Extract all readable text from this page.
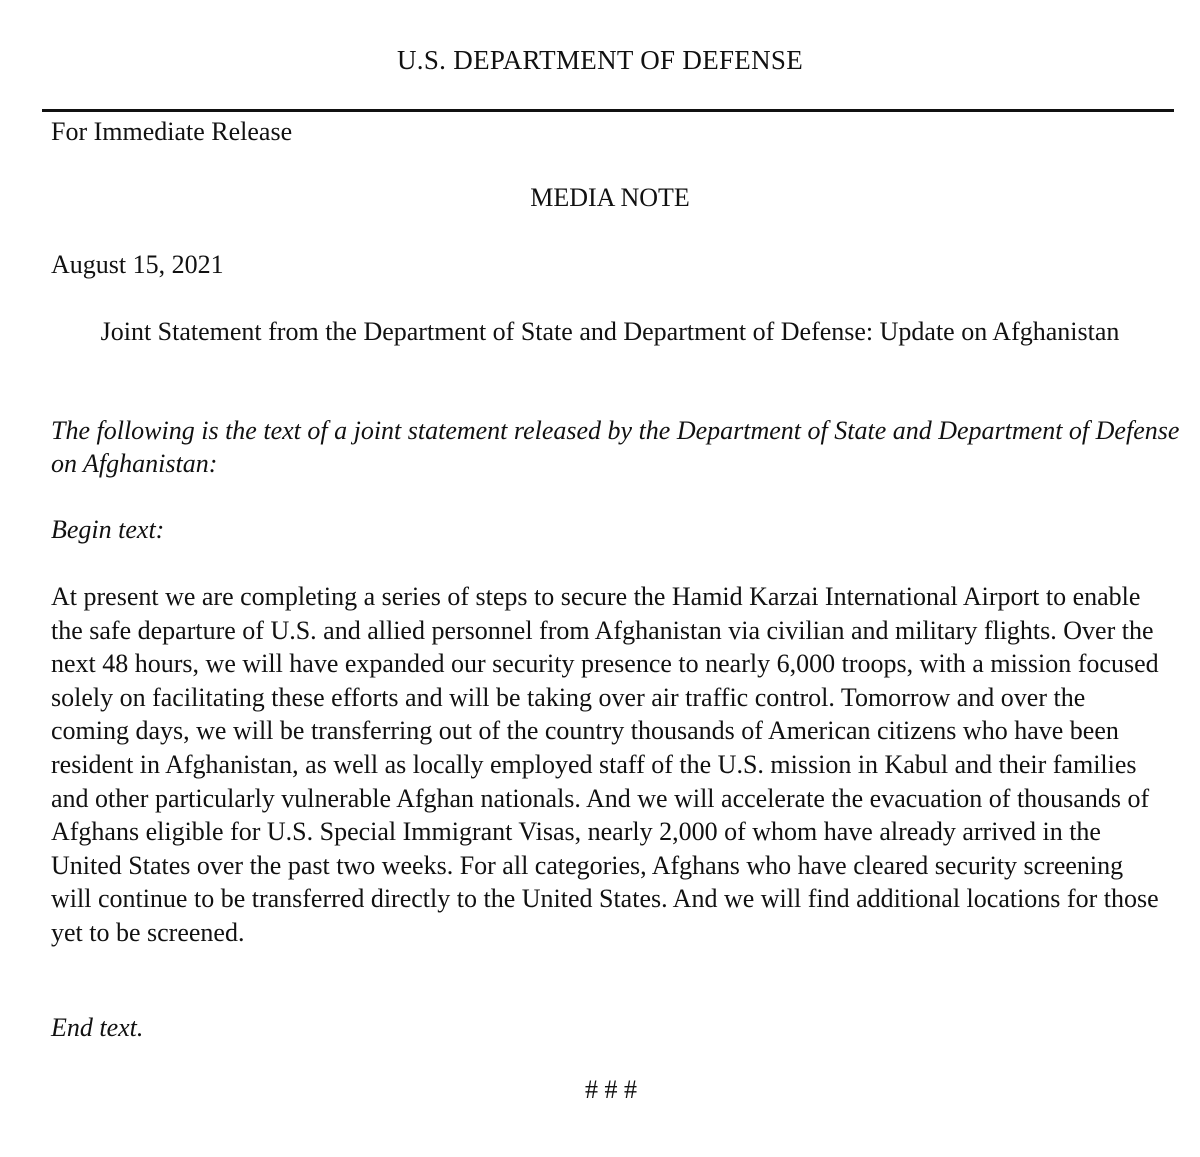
U.S. DEPARTMENT OF DEFENSE
For Immediate Release
MEDIA NOTE
August 15, 2021
Joint Statement from the Department of State and Department of Defense: Update on Afghanistan
The following is the text of a joint statement released by the Department of State and Department of Defense on Afghanistan:
Begin text:
At present we are completing a series of steps to secure the Hamid Karzai International Airport to enable the safe departure of U.S. and allied personnel from Afghanistan via civilian and military flights. Over the next 48 hours, we will have expanded our security presence to nearly 6,000 troops, with a mission focused solely on facilitating these efforts and will be taking over air traffic control. Tomorrow and over the coming days, we will be transferring out of the country thousands of American citizens who have been resident in Afghanistan, as well as locally employed staff of the U.S. mission in Kabul and their families and other particularly vulnerable Afghan nationals. And we will accelerate the evacuation of thousands of Afghans eligible for U.S. Special Immigrant Visas, nearly 2,000 of whom have already arrived in the United States over the past two weeks. For all categories, Afghans who have cleared security screening will continue to be transferred directly to the United States. And we will find additional locations for those yet to be screened.
End text.
# # #
